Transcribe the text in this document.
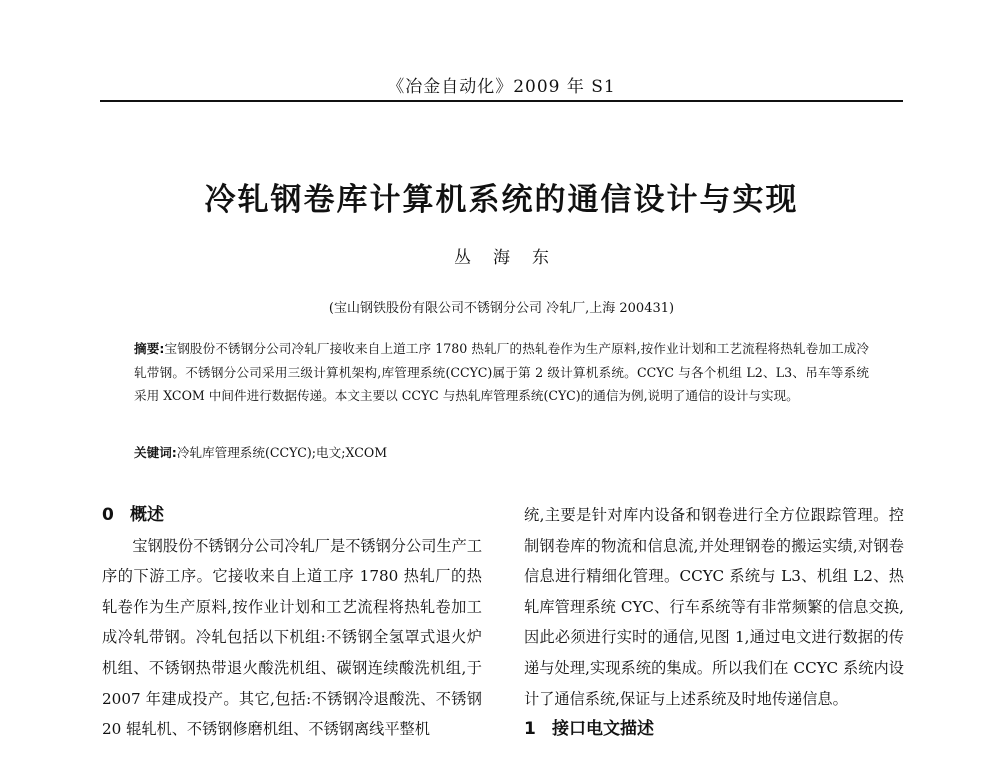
《冶金自动化》2009 年 S1
冷轧钢卷库计算机系统的通信设计与实现
丛海东
(宝山钢铁股份有限公司不锈钢分公司 冷轧厂,上海 200431)
摘要:宝钢股份不锈钢分公司冷轧厂接收来自上道工序 1780 热轧厂的热轧卷作为生产原料,按作业计划和工艺流程将热轧卷加工成冷轧带钢。不锈钢分公司采用三级计算机架构,库管理系统(CCYC)属于第 2 级计算机系统。CCYC 与各个机组 L2、L3、吊车等系统采用 XCOM 中间件进行数据传递。本文主要以 CCYC 与热轧库管理系统(CYC)的通信为例,说明了通信的设计与实现。
关键词:冷轧库管理系统(CCYC);电文;XCOM

0 概述

宝钢股份不锈钢分公司冷轧厂是不锈钢分公司生产工序的下游工序。它接收来自上道工序 1780 热轧厂的热轧卷作为生产原料,按作业计划和工艺流程将热轧卷加工成冷轧带钢。冷轧包括以下机组:不锈钢全氢罩式退火炉机组、不锈钢热带退火酸洗机组、碳钢连续酸洗机组,于 2007 年建成投产。其它,包括:不锈钢冷退酸洗、不锈钢 20 辊轧机、不锈钢修磨机组、不锈钢离线平整机

统,主要是针对库内设备和钢卷进行全方位跟踪管理。控制钢卷库的物流和信息流,并处理钢卷的搬运实绩,对钢卷信息进行精细化管理。CCYC 系统与 L3、机组 L2、热轧库管理系统 CYC、行车系统等有非常频繁的信息交换,因此必须进行实时的通信,见图 1,通过电文进行数据的传递与处理,实现系统的集成。所以我们在 CCYC 系统内设计了通信系统,保证与上述系统及时地传递信息。

1 接口电文描述
